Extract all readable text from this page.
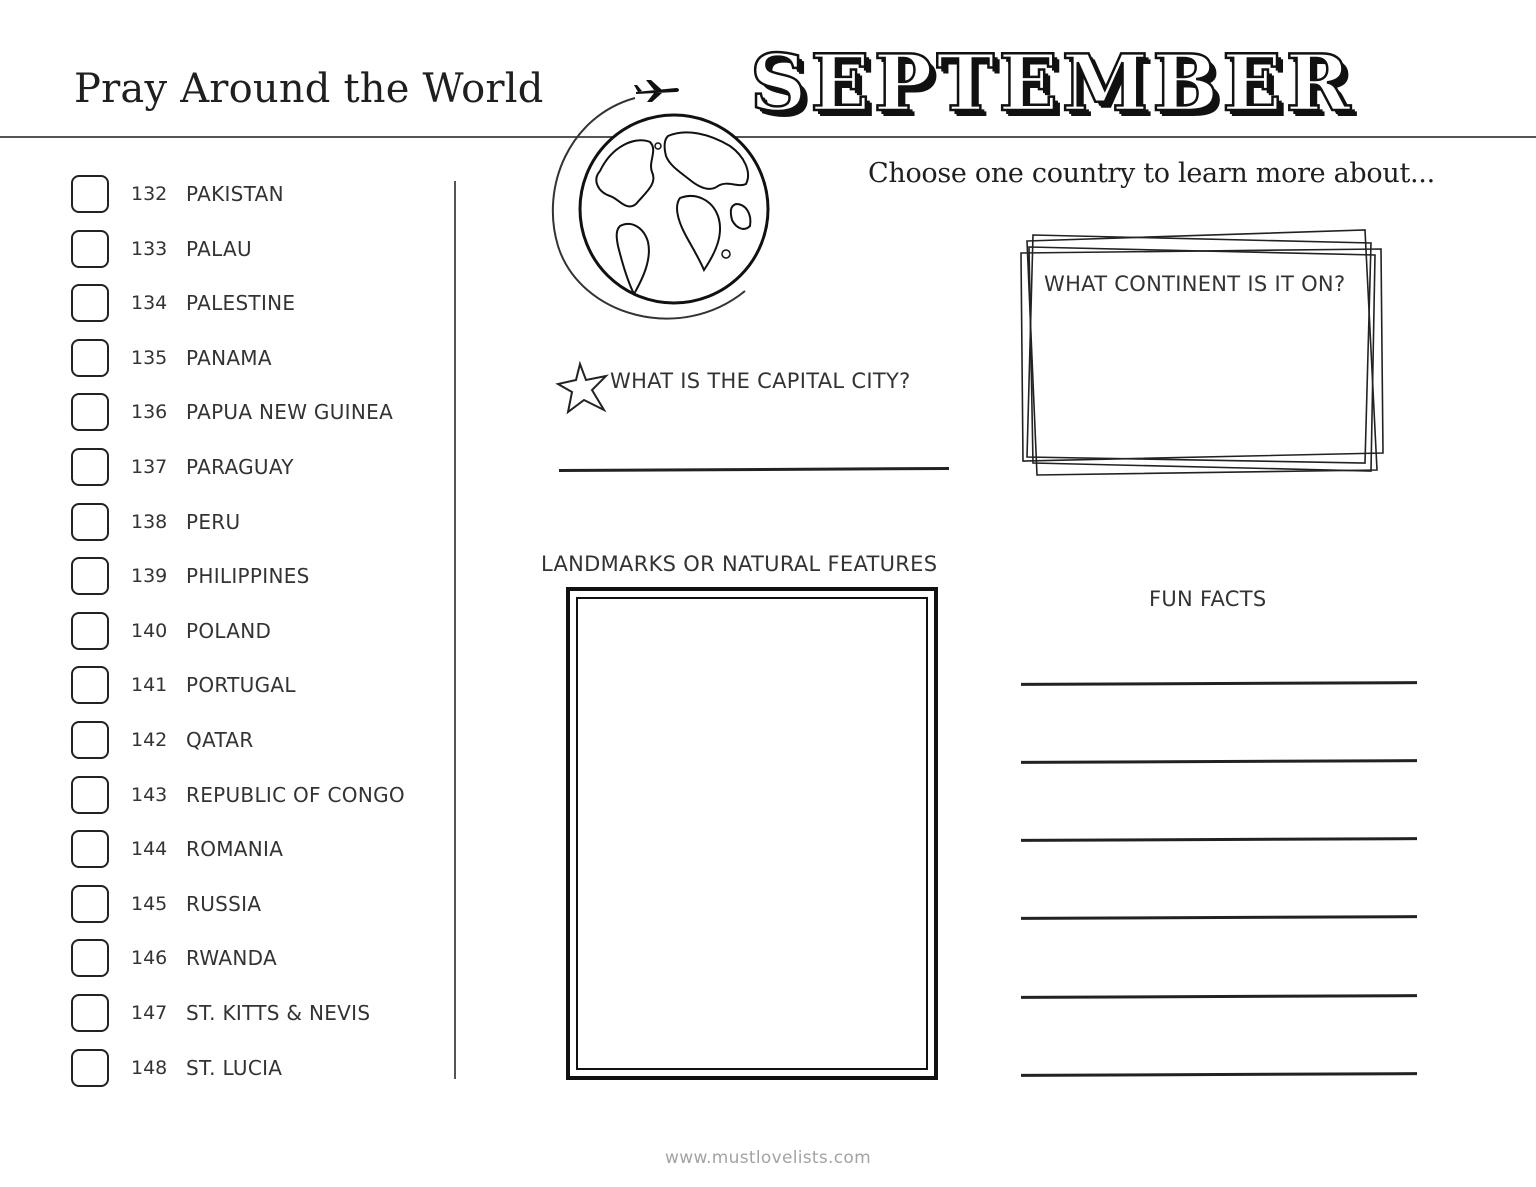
Pray Around the World	SEPTEMBER
132 PAKISTAN
133 PALAU
134 PALESTINE
135 PANAMA
136 PAPUA NEW GUINEA
137 PARAGUAY
138 PERU
139 PHILIPPINES
140 POLAND
141 PORTUGAL
142 QATAR
143 REPUBLIC OF CONGO
144 ROMANIA
145 RUSSIA
146 RWANDA
147 ST. KITTS & NEVIS
148 ST. LUCIA
Choose one country to learn more about...
WHAT IS THE CAPITAL CITY?
WHAT CONTINENT IS IT ON?
LANDMARKS OR NATURAL FEATURES
FUN FACTS
www.mustlovelists.com
